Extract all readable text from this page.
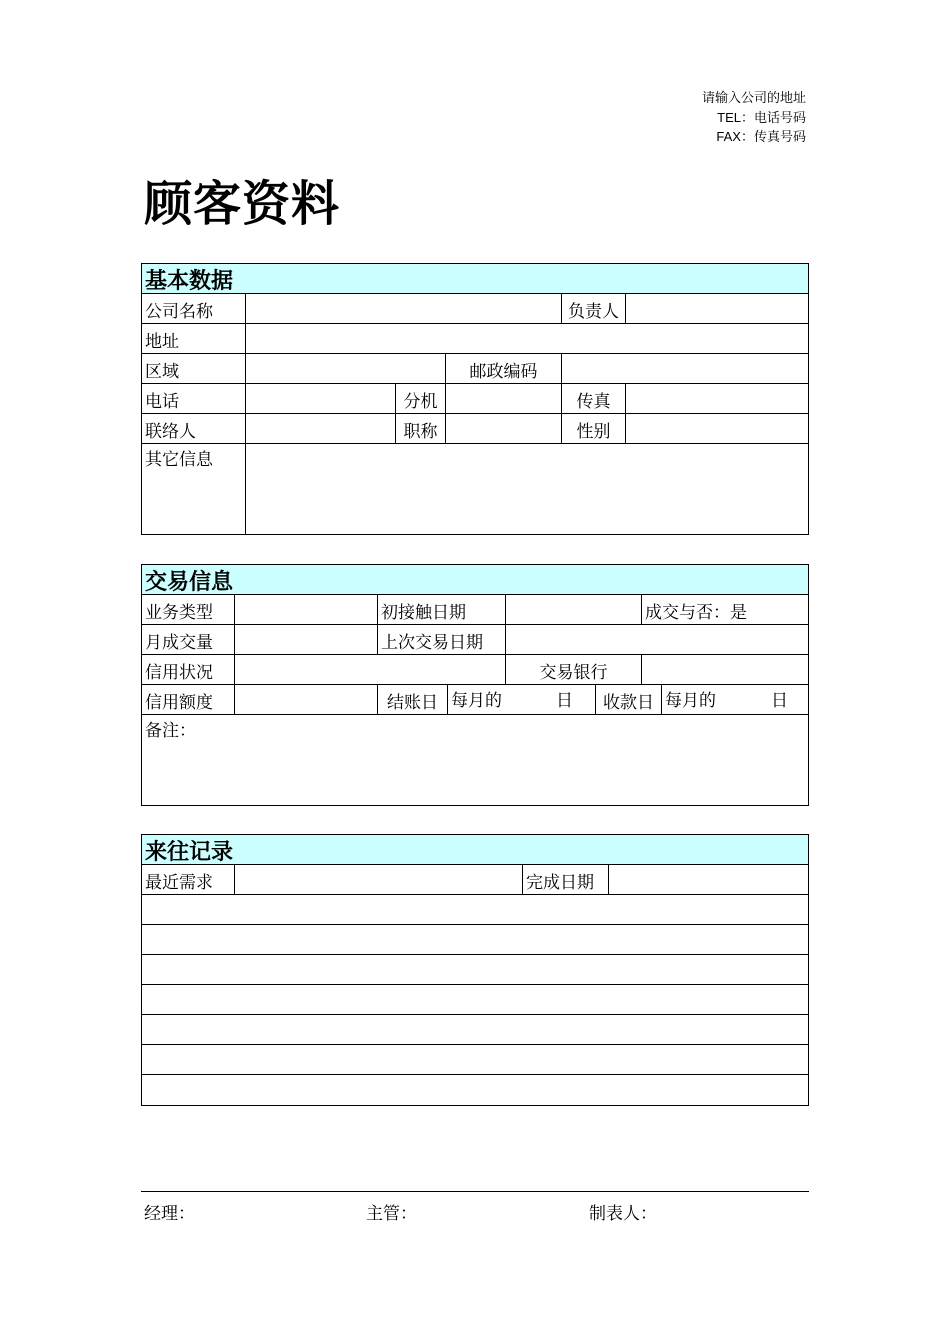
请输入公司的地址
TEL：电话号码
FAX：传真号码
顾客资料
基本数据
公司名称	负责人
地址
区域	邮政编码
电话	分机	传真
联络人	职称	性别
其它信息
交易信息
业务类型	初接触日期	成交与否：是
月成交量	上次交易日期
信用状况	交易银行
信用额度	结账日 每月的	日	收款日 每月的	日
备注：
来往记录
最近需求	完成日期
经理：	主管：	制表人：
